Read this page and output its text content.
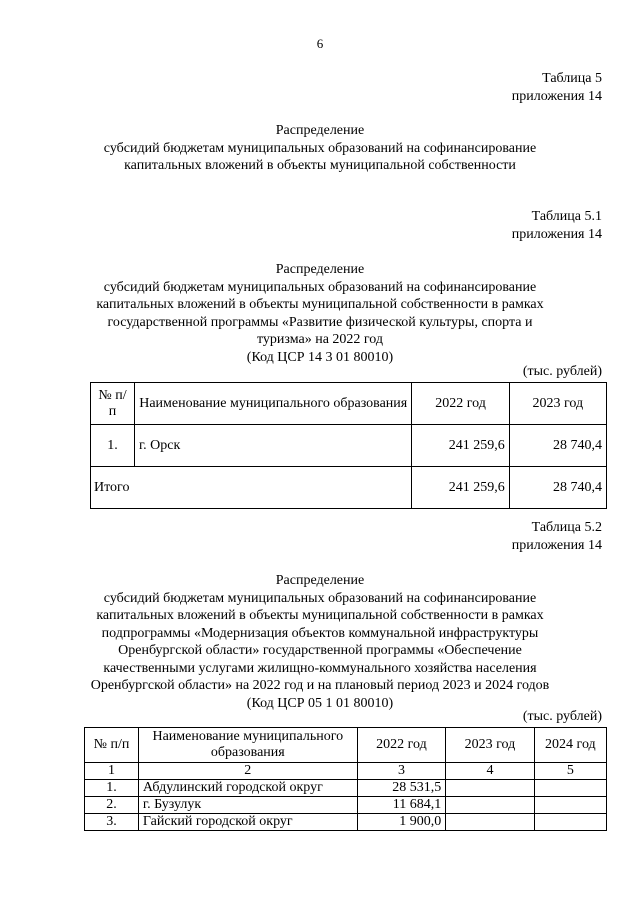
6
Таблица 5
приложения 14
Распределение
субсидий бюджетам муниципальных образований на софинансирование
капитальных вложений в объекты муниципальной собственности
Таблица 5.1
приложения 14
Распределение
субсидий бюджетам муниципальных образований на софинансирование
капитальных вложений в объекты муниципальной собственности в рамках
государственной программы «Развитие физической культуры, спорта и
туризма» на 2022 год
(Код ЦСР 14 3 01 80010)
(тыс. рублей)
№ п/п	Наименование муниципального образования	2022 год	2023 год
1.	г. Орск	241 259,6	28 740,4
Итого		241 259,6	28 740,4
Таблица 5.2
приложения 14
Распределение
субсидий бюджетам муниципальных образований на софинансирование
капитальных вложений в объекты муниципальной собственности в рамках
подпрограммы «Модернизация объектов коммунальной инфраструктуры
Оренбургской области» государственной программы «Обеспечение
качественными услугами жилищно-коммунального хозяйства населения
Оренбургской области» на 2022 год и на плановый период 2023 и 2024 годов
(Код ЦСР 05 1 01 80010)
(тыс. рублей)
№ п/п	Наименование муниципального образования	2022 год	2023 год	2024 год
1	2	3	4	5
1.	Абдулинский городской округ	28 531,5		
2.	г. Бузулук	11 684,1		
3.	Гайский городской округ	1 900,0		
